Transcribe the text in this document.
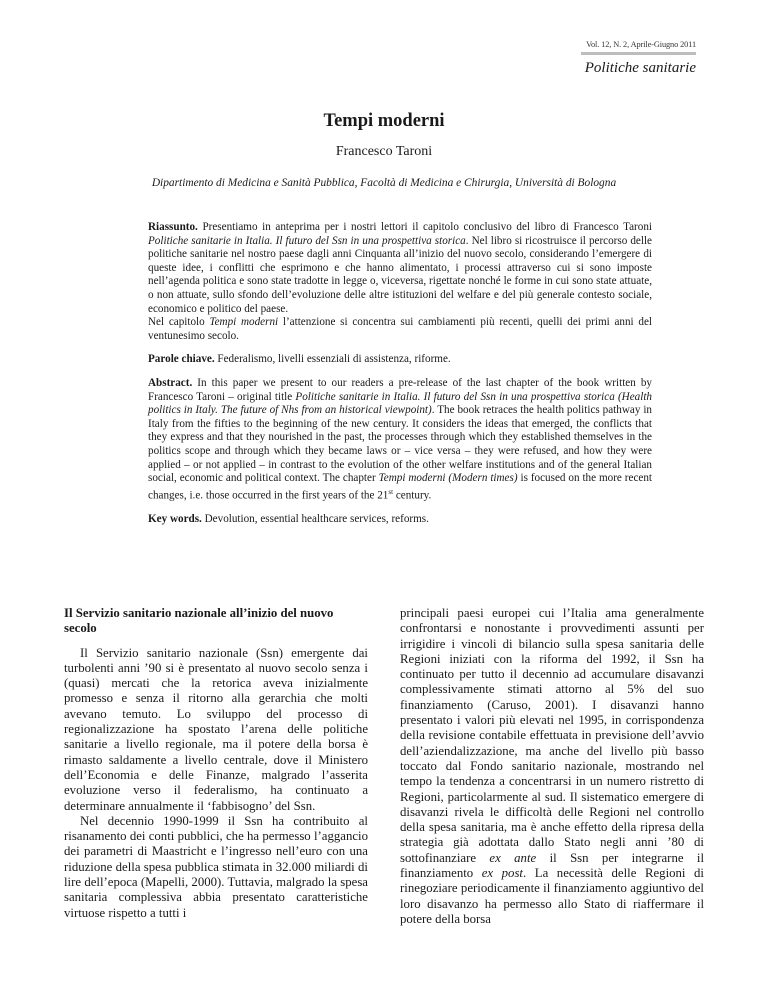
Vol. 12, N. 2, Aprile-Giugno 2011
Politiche sanitarie
Tempi moderni
Francesco Taroni
Dipartimento di Medicina e Sanità Pubblica, Facoltà di Medicina e Chirurgia, Università di Bologna

Riassunto. Presentiamo in anteprima per i nostri lettori il capitolo conclusivo del libro di Francesco Taroni Politiche sanitarie in Italia. Il futuro del Ssn in una prospettiva storica. Nel libro si ricostruisce il percorso delle politiche sanitarie nel nostro paese dagli anni Cinquanta all’inizio del nuovo secolo, considerando l’emergere di queste idee, i conflitti che esprimono e che hanno alimentato, i processi attraverso cui si sono imposte nell’agenda politica e sono state tradotte in legge o, viceversa, rigettate nonché le forme in cui sono state attuate, o non attuate, sullo sfondo dell’evoluzione delle altre istituzioni del welfare e del più generale contesto sociale, economico e politico del paese.

Nel capitolo Tempi moderni l’attenzione si concentra sui cambiamenti più recenti, quelli dei primi anni del ventunesimo secolo.

Parole chiave. Federalismo, livelli essenziali di assistenza, riforme.

Abstract. In this paper we present to our readers a pre-release of the last chapter of the book written by Francesco Taroni – original title Politiche sanitarie in Italia. Il futuro del Ssn in una prospettiva storica (Health politics in Italy. The future of Nhs from an historical viewpoint). The book retraces the health politics pathway in Italy from the fifties to the beginning of the new century. It considers the ideas that emerged, the conflicts that they express and that they nourished in the past, the processes through which they established themselves in the politics scope and through which they became laws or – vice versa – they were refused, and how they were applied – or not applied – in contrast to the evolution of the other welfare institutions and of the general Italian social, economic and political context. The chapter Tempi moderni (Modern times) is focused on the more recent changes, i.e. those occurred in the first years of the 21st century.

Key words. Devolution, essential healthcare services, reforms.

Il Servizio sanitario nazionale all’inizio del nuovo secolo

Il Servizio sanitario nazionale (Ssn) emergente dai turbolenti anni ’90 si è presentato al nuovo secolo senza i (quasi) mercati che la retorica aveva inizialmente promesso e senza il ritorno alla gerarchia che molti avevano temuto. Lo sviluppo del processo di regionalizzazione ha spostato l’arena delle politiche sanitarie a livello regionale, ma il potere della borsa è rimasto saldamente a livello centrale, dove il Ministero dell’Economia e delle Finanze, malgrado l’asserita evoluzione verso il federalismo, ha continuato a determinare annualmente il ‘fabbisogno’ del Ssn.

Nel decennio 1990-1999 il Ssn ha contribuito al risanamento dei conti pubblici, che ha permesso l’aggancio dei parametri di Maastricht e l’ingresso nell’euro con una riduzione della spesa pubblica stimata in 32.000 miliardi di lire dell’epoca (Mapelli, 2000). Tuttavia, malgrado la spesa sanitaria complessiva abbia presentato caratteristiche virtuose rispetto a tutti i

principali paesi europei cui l’Italia ama generalmente confrontarsi e nonostante i provvedimenti assunti per irrigidire i vincoli di bilancio sulla spesa sanitaria delle Regioni iniziati con la riforma del 1992, il Ssn ha continuato per tutto il decennio ad accumulare disavanzi complessivamente stimati attorno al 5% del suo finanziamento (Caruso, 2001). I disavanzi hanno presentato i valori più elevati nel 1995, in corrispondenza della revisione contabile effettuata in previsione dell’avvio dell’aziendalizzazione, ma anche del livello più basso toccato dal Fondo sanitario nazionale, mostrando nel tempo la tendenza a concentrarsi in un numero ristretto di Regioni, particolarmente al sud. Il sistematico emergere di disavanzi rivela le difficoltà delle Regioni nel controllo della spesa sanitaria, ma è anche effetto della ripresa della strategia già adottata dallo Stato negli anni ’80 di sottofinanziare ex ante il Ssn per integrarne il finanziamento ex post. La necessità delle Regioni di rinegoziare periodicamente il finanziamento aggiuntivo del loro disavanzo ha permesso allo Stato di riaffermare il potere della borsa
